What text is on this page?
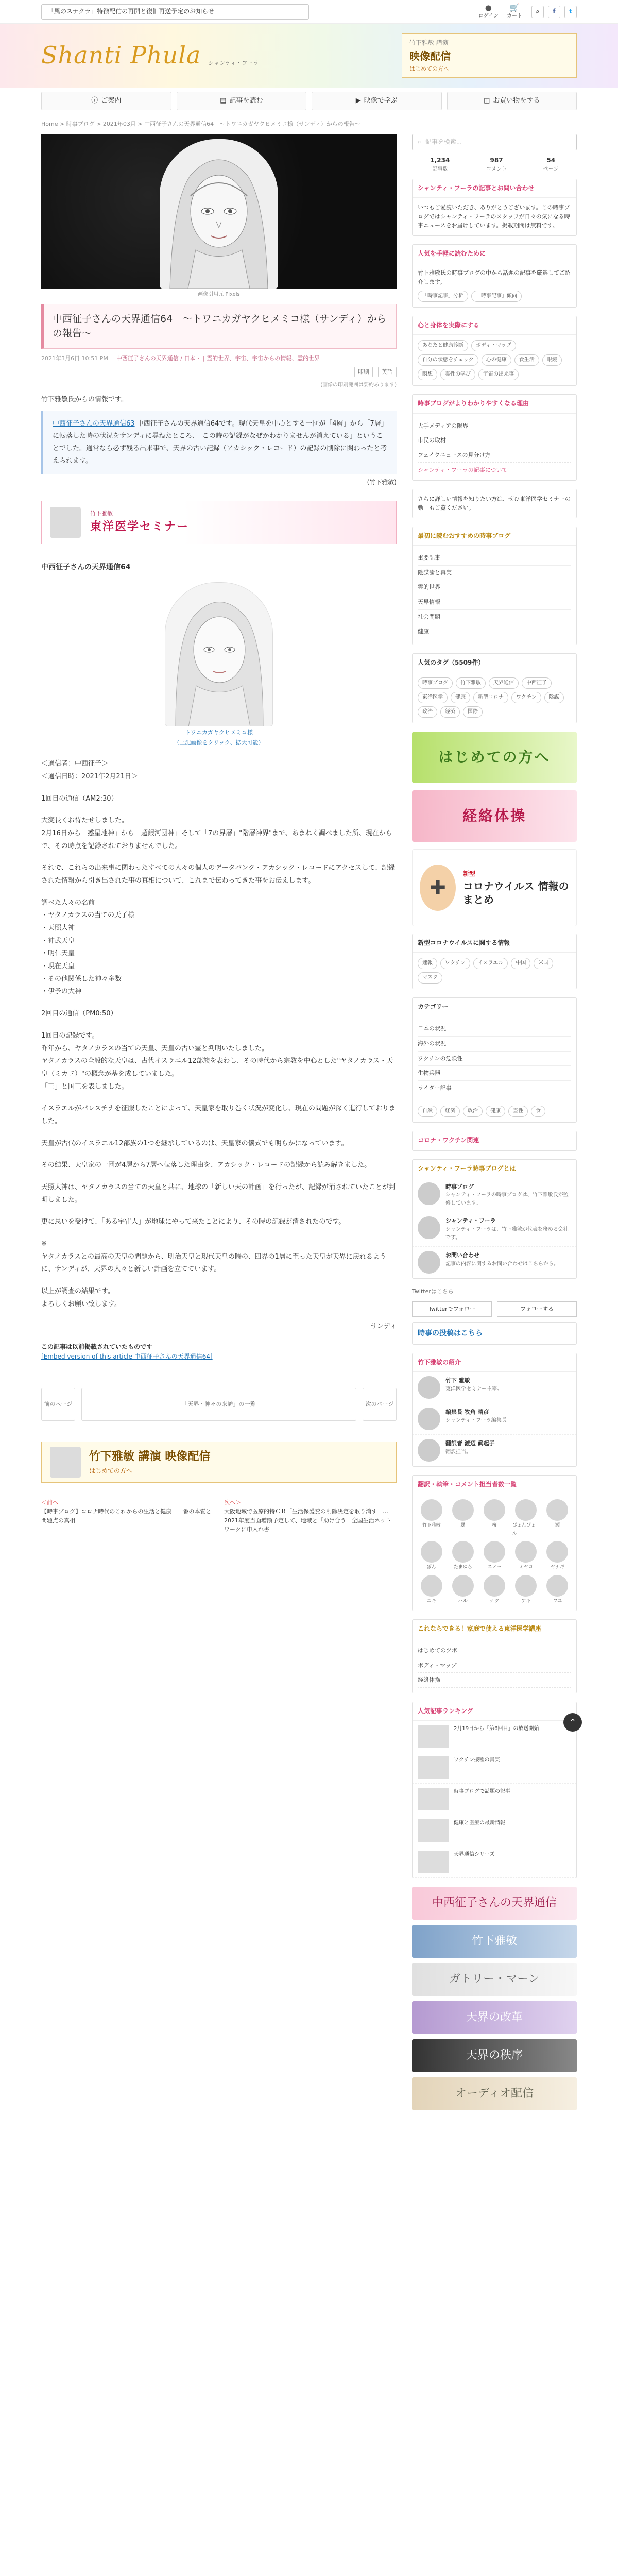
「風のスナクラ」特徴配信の再開と復旧再送予定のお知らせ	●
ログイン
🛒
カート
⌕	f	t
Shanti Phula シャンティ・フーラ
竹下雅敏 講演
映像配信
はじめての方へ
ⓘ ご案内	▤ 記事を読む	▶ 映像で学ぶ	◫ お買い物をする
Home > 時事ブログ > 2021年03月 > 中西征子さんの天界通信64　〜トワニカガヤクヒメミコ様（サンディ）からの報告〜
画像引用元 Pixels
中西征子さんの天界通信64　〜トワニカガヤクヒメミコ様（サンディ）からの報告〜
2021年3月6日 10:51 PM 中西征子さんの天界通信 / 日本・ | 霊的世界、宇宙、宇宙からの情報、霊的世界
印刷	英語
(画像の印刷範囲は要約あります)
竹下雅敏氏からの情報です。
中西征子さんの天界通信63 中西征子さんの天界通信64です。現代天皇を中心とする一団が「4層」から「7層」に転落した時の状況をサンディに尋ねたところ、「この時の記録がなぜかわかりませんが消えている」ということでした。通常なら必ず残る出来事で、天界の古い記録（アカシック・レコード）の記録の削除に関わったと考えられます。
(竹下雅敏)
竹下雅敏
東洋医学セミナー
中西征子さんの天界通信64
トワニカガヤクヒメミコ様
（上記画像をクリック、拡大可能）

＜通信者：中西征子＞
＜通信日時：2021年2月21日＞

1回目の通信（AM2:30）

大変長くお待たせしました。
2月16日から「惑星地神」から「超銀河団神」そして「7の界層」"階層神界"まで、あまねく調べました所、現在からで、その時点を記録されておりませんでした。

それで、これらの出来事に関わったすべての人々の個人のデータバンク・アカシック・レコードにアクセスして、記録された情報から引き出された事の真相について、これまで伝わってきた事をお伝えします。

調べた人々の名前
・ヤタノカラスの当ての天子様
・天照大神
・神武天皇
・明仁天皇
・現在天皇
・その他関係した神々多数
・伊予の大神

2回目の通信（PM0:50）

1回目の記録です。
昨年から、ヤタノカラスの当ての天皇、天皇の古い霊と判明いたしました。
ヤタノカラスの全般的な天皇は、古代イスラエル12部族を表わし、その時代から宗教を中心とした"ヤタノカラス・天皇（ミカド）"の概念が基を成していました。
「王」と国王を表しました。

イスラエルがパレスチナを征服したことによって、天皇家を取り巻く状況が変化し、現在の問題が深く進行しておりました。

天皇が古代のイスラエル12部族の1つを継承しているのは、天皇家の儀式でも明らかになっています。

その結果、天皇家の一団が4層から7層へ転落した理由を、アカシック・レコードの記録から読み解きました。

天照大神は、ヤタノカラスの当ての天皇と共に、地球の「新しい天の計画」を行ったが、記録が消されていたことが判明しました。

更に思いを受けて、「ある宇宙人」が地球にやって来たことにより、その時の記録が消されたのです。

※
ヤタノカラスとの最高の天皇の問題から、明治天皇と現代天皇の時の、四界の1層に至った天皇が天界に戻れるように、サンディが、天界の人々と新しい計画を立てています。

以上が調査の結果です。
よろしくお願い致します。

サンディ

この記事は以前掲載されていたものです
[Embed version of this article 中西征子さんの天界通信64]
前のページ	「天界・神々の来訪」の一覧	次のページ
竹下雅敏 講演 映像配信
はじめての方へ
＜前へ
【時事ブログ】コロナ時代のこれからの生活と健康　一番の本質と問題点の真相
次へ＞
大阪地域で医療的特ＣＲ「生活保護費の削除決定を取り消す」…2021年度当面増額予定して、地域と「助け合う」全国生活ネットワークに申入れ書
⌕ 記事を検索...
1,234
記事数
987
コメント
54
ページ
シャンティ・フーラの記事とお問い合わせ
いつもご愛読いただき、ありがとうございます。この時事ブログではシャンティ・フーラのスタッフが日々の気になる時事ニュースをお届けしています。掲載期間は無料です。
人気を手軽に読むために
竹下雅敏氏の時事ブログの中から話題の記事を厳選してご紹介します。
「時事記事」分析	「時事記事」傾向
心と身体を実際にする
あなたと健康診断	ボディ・マップ
自分の状態をチェック	心の健康	食生活	眼鏡
瞑想	霊性の学び	宇宙の出来事
時事ブログがよりわかりやすくなる理由
大手メディアの限界
市民の取材
フェイクニュースの見分け方
シャンティ・フーラの記事について
さらに詳しい情報を知りたい方は、ぜひ東洋医学セミナーの動画もご覧ください。
最初に読むおすすめの時事ブログ
重要記事
陰謀論と真実
霊的世界
天界情報
社会問題
健康
人気のタグ（5509件）
時事ブログ	竹下雅敏	天界通信	中西征子
東洋医学	健康	新型コロナ	ワクチン	陰謀
政治	経済	国際
はじめての方へ
経絡体操
✚
新型
コロナウイルス 情報のまとめ
新型コロナウイルスに関する情報
速報	ワクチン	イスラエル	中国	米国
マスク
カテゴリー
日本の状況
海外の状況
ワクチンの危険性
生物兵器
ライダー記事
自然	経済	政治	健康	霊性	食
コロナ・ワクチン関連
シャンティ・フーラ時事ブログとは
時事ブログ
シャンティ・フーラの時事ブログは、竹下雅敏氏が監修しています。
シャンティ・フーラ
シャンティ・フーラは、竹下雅敏が代表を務める会社です。
お問い合わせ
記事の内容に関するお問い合わせはこちらから。
Twitterはこちら
Twitterでフォロー	フォローする
時事の投稿はこちら
竹下雅敏の紹介
竹下 雅敏
東洋医学セミナー主宰。
編集長 牧角 晴彦
シャンティ・フーラ編集長。
翻訳者 渡辺 眞起子
翻訳担当。
翻訳・執筆・コメント担当者数一覧
竹下雅敏	翠	桜	ぴょんぴょん
瀬
ぽん	たまゆら	スノー	ミヤコ	ヤナギ
ユキ	ハル	ナツ	アキ	フユ
これならできる！家庭で使える東洋医学講座
はじめてのツボ
ボディ・マップ
経絡体操
人気記事ランキング
2月19日から「第6回目」の放送開始
ワクチン接種の真実
時事ブログで話題の記事
健康と医療の最新情報
天界通信シリーズ
中西征子さんの天界通信
竹下雅敏
ガトリー・マーン
天界の改革
天界の秩序
オーディオ配信
⌃
